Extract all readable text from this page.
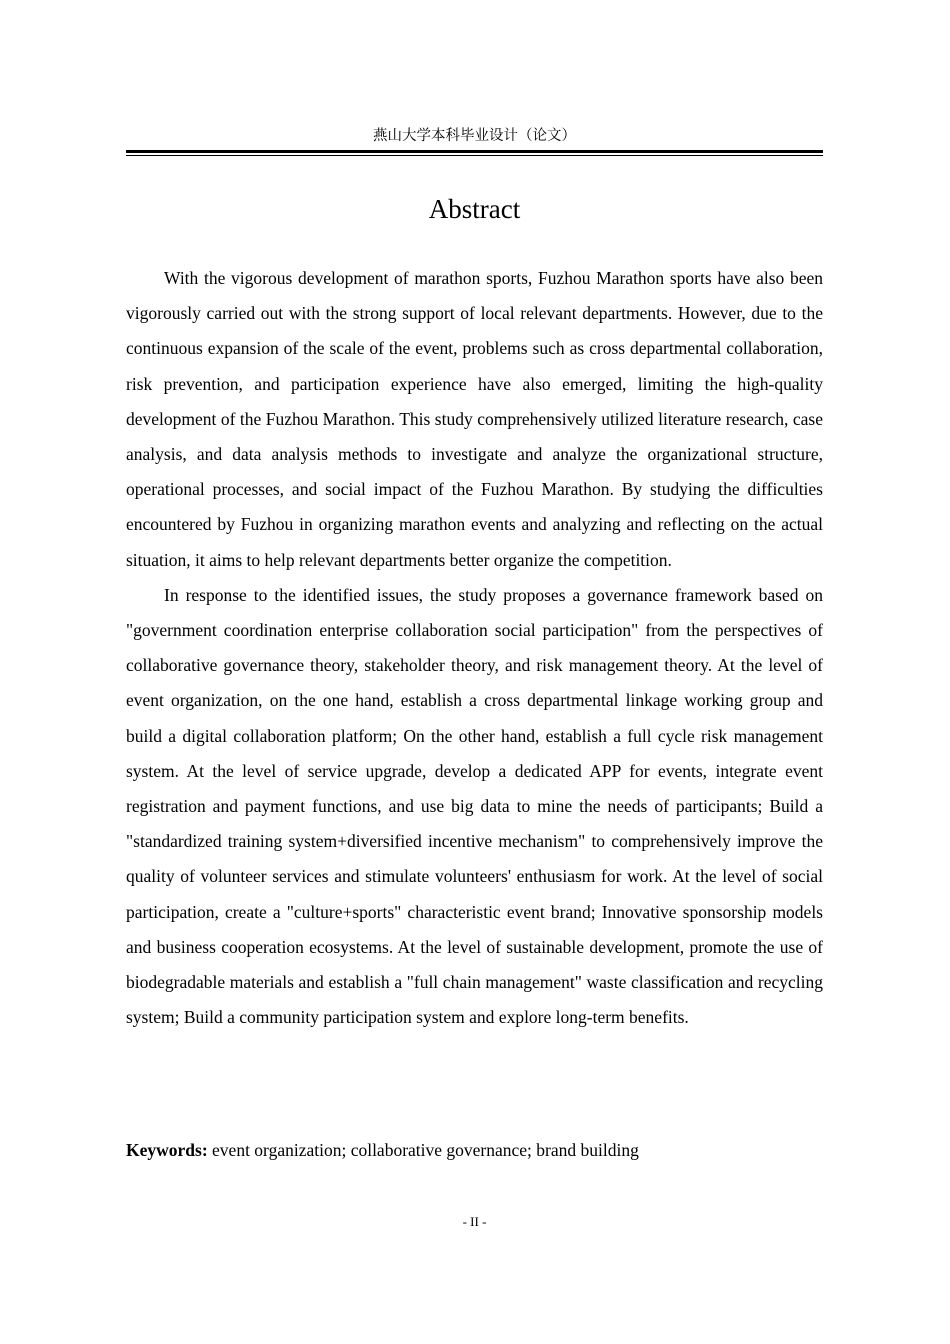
燕山大学本科毕业设计（论文）
Abstract

With the vigorous development of marathon sports, Fuzhou Marathon sports have also been vigorously carried out with the strong support of local relevant departments. However, due to the continuous expansion of the scale of the event, problems such as cross departmental collaboration, risk prevention, and participation experience have also emerged, limiting the high-quality development of the Fuzhou Marathon. This study comprehensively utilized literature research, case analysis, and data analysis methods to investigate and analyze the organizational structure, operational processes, and social impact of the Fuzhou Marathon. By studying the difficulties encountered by Fuzhou in organizing marathon events and analyzing and reflecting on the actual situation, it aims to help relevant departments better organize the competition.

In response to the identified issues, the study proposes a governance framework based on "government coordination enterprise collaboration social participation" from the perspectives of collaborative governance theory, stakeholder theory, and risk management theory. At the level of event organization, on the one hand, establish a cross departmental linkage working group and build a digital collaboration platform; On the other hand, establish a full cycle risk management system. At the level of service upgrade, develop a dedicated APP for events, integrate event registration and payment functions, and use big data to mine the needs of participants; Build a "standardized training system+diversified incentive mechanism" to comprehensively improve the quality of volunteer services and stimulate volunteers' enthusiasm for work. At the level of social participation, create a "culture+sports" characteristic event brand; Innovative sponsorship models and business cooperation ecosystems. At the level of sustainable development, promote the use of biodegradable materials and establish a "full chain management" waste classification and recycling system; Build a community participation system and explore long-term benefits.

Keywords: event organization; collaborative governance; brand building
- II -
